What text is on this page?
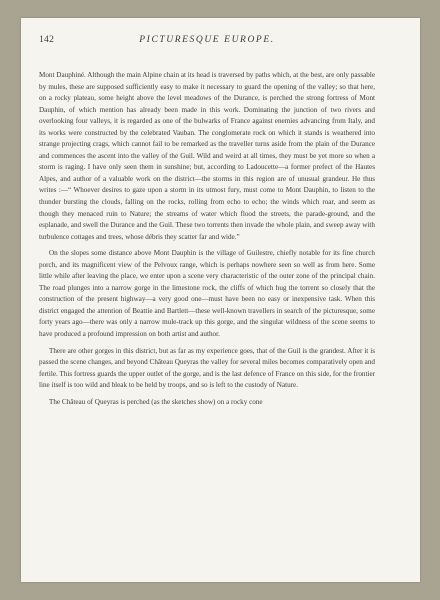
142	PICTURESQUE EUROPE.

Mont Dauphiné. Although the main Alpine chain at its head is traversed by paths which, at the best, are only passable by mules, these are supposed sufficiently easy to make it necessary to guard the opening of the valley; so that here, on a rocky plateau, some height above the level meadows of the Durance, is perched the strong fortress of Mont Dauphin, of which mention has already been made in this work. Dominating the junction of two rivers and overlooking four valleys, it is regarded as one of the bulwarks of France against enemies advancing from Italy, and its works were constructed by the celebrated Vauban. The conglomerate rock on which it stands is weathered into strange projecting crags, which cannot fail to be remarked as the traveller turns aside from the plain of the Durance and commences the ascent into the valley of the Guil. Wild and weird at all times, they must be yet more so when a storm is raging. I have only seen them in sunshine; but, according to Ladoucette—a former prefect of the Hautes Alpes, and author of a valuable work on the district—the storms in this region are of unusual grandeur. He thus writes :—“ Whoever desires to gaze upon a storm in its utmost fury, must come to Mont Dauphin, to listen to the thunder bursting the clouds, falling on the rocks, rolling from echo to echo; the winds which roar, and seem as though they menaced ruin to Nature; the streams of water which flood the streets, the parade-ground, and the esplanade, and swell the Durance and the Guil. These two torrents then invade the whole plain, and sweep away with turbulence cottages and trees, whose débris they scatter far and wide.”

On the slopes some distance above Mont Dauphin is the village of Guilestre, chiefly notable for its fine church porch, and its magnificent view of the Pelvoux range, which is perhaps nowhere seen so well as from here. Some little while after leaving the place, we enter upon a scene very characteristic of the outer zone of the principal chain. The road plunges into a narrow gorge in the limestone rock, the cliffs of which hug the torrent so closely that the construction of the present highway—a very good one—must have been no easy or inexpensive task. When this district engaged the attention of Beattie and Bartlett—these well-known travellers in search of the picturesque, some forty years ago—there was only a narrow mule-track up this gorge, and the singular wildness of the scene seems to have produced a profound impression on both artist and author.

There are other gorges in this district, but as far as my experience goes, that of the Guil is the grandest. After it is passed the scene changes, and beyond Château Queyras the valley for several miles becomes comparatively open and fertile. This fortress guards the upper outlet of the gorge, and is the last defence of France on this side, for the frontier line itself is too wild and bleak to be held by troops, and so is left to the custody of Nature.

The Château of Queyras is perched (as the sketches show) on a rocky cone
